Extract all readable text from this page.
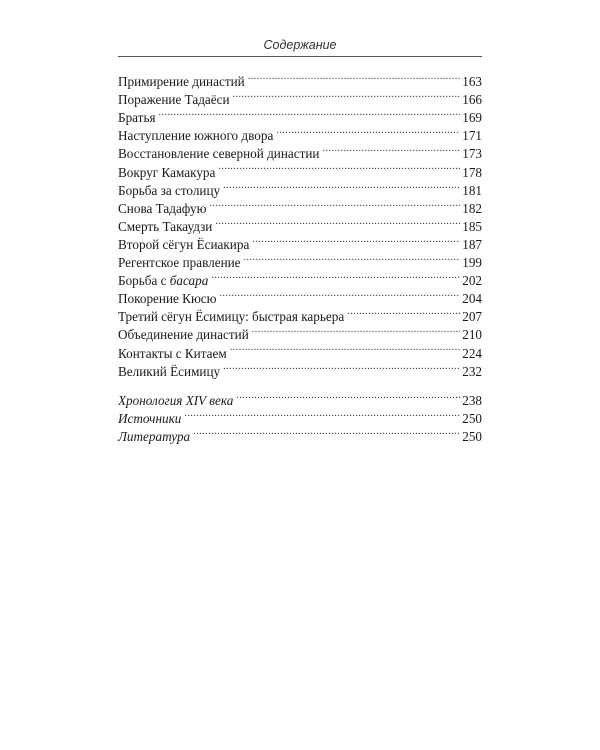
Содержание
Примирение династий .....	163
Поражение Тадаёси .....	166
Братья .....	169
Наступление южного двора .....	171
Восстановление северной династии .....	173
Вокруг Камакура .....	178
Борьба за столицу .....	181
Снова Тадафую .....	182
Смерть Такаудзи .....	185
Второй сёгун Ёсиакира .....	187
Регентское правление .....	199
Борьба с басара .....	202
Покорение Кюсю .....	204
Третий сёгун Ёсимицу: быстрая карьера .....	207
Объединение династий .....	210
Контакты с Китаем .....	224
Великий Ёсимицу .....	232
Хронология XIV века .....	238
Источники .....	250
Литература .....	250
